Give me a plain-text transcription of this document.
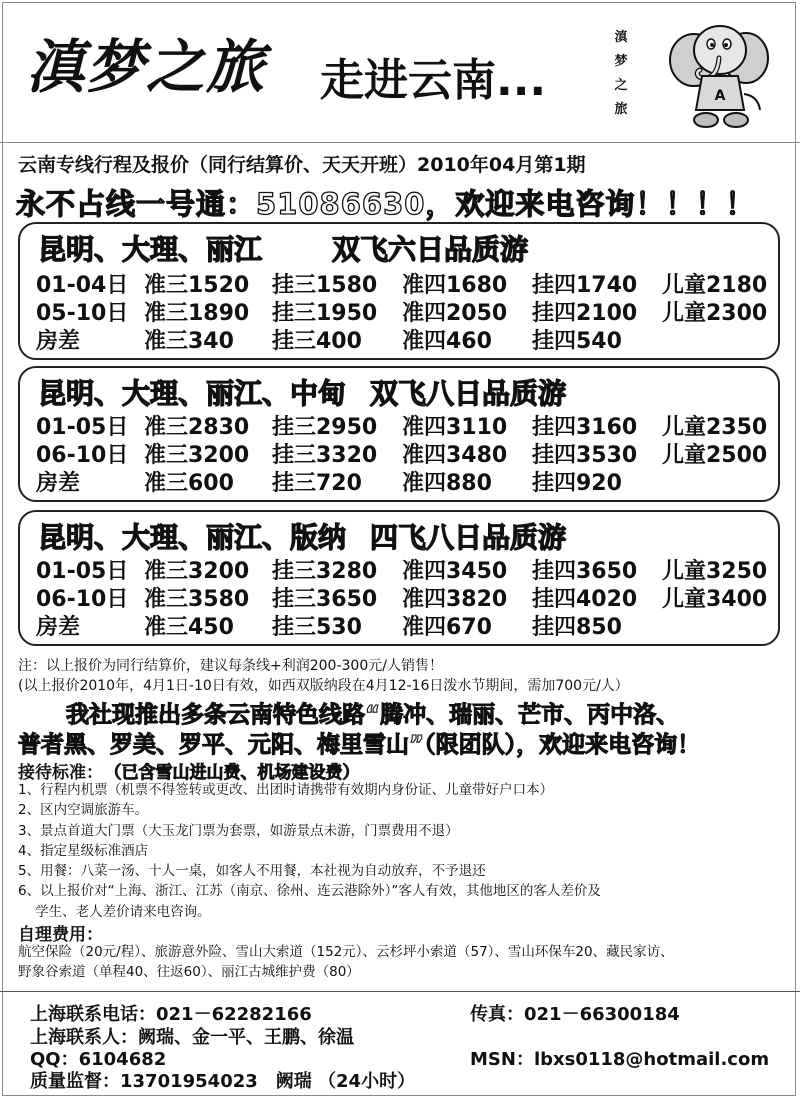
滇梦之旅 走进云南...
滇
梦
之
旅
A
云南专线行程及报价（同行结算价、天天开班）2010年04月第1期
永不占线一号通：51086630，欢迎来电咨询！！！！
昆明、大理、丽江	双飞六日品质游
01-04日 准三1520 挂三1580 准四1680 挂四1740 儿童2180
05-10日 准三1890 挂三1950 准四2050 挂四2100 儿童2300
房差	准三340 挂三400 准四460 挂四540
昆明、大理、丽江、中甸 双飞八日品质游
01-05日 准三2830 挂三2950 准四3110 挂四3160 儿童2350
06-10日 准三3200 挂三3320 准四3480 挂四3530 儿童2500
房差	准三600 挂三720 准四880 挂四920
昆明、大理、丽江、版纳 四飞八日品质游
01-05日 准三3200 挂三3280 准四3450 挂四3650 儿童3250
06-10日 准三3580 挂三3650 准四3820 挂四4020 儿童3400
房差	准三450 挂三530 准四670 挂四850
注：以上报价为同行结算价，建议每条线+利润200-300元/人销售！
(以上报价2010年，4月1日-10日有效，如西双版纳段在4月12-16日泼水节期间，需加700元/人）
我社现推出多条云南特色线路“腾冲、瑞丽、芒市、丙中洛、
普者黑、罗美、罗平、元阳、梅里雪山”（限团队），欢迎来电咨询！
接待标准： （已含雪山进山费、机场建设费）
1、行程内机票（机票不得签转或更改、出团时请携带有效期内身份证、儿童带好户口本）
2、区内空调旅游车。
3、景点首道大门票（大玉龙门票为套票，如游景点未游，门票费用不退）
4、指定星级标准酒店
5、用餐：八菜一汤、十人一桌，如客人不用餐，本社视为自动放弃，不予退还
6、以上报价对“上海、浙江、江苏（南京、徐州、连云港除外）”客人有效，其他地区的客人差价及
学生、老人差价请来电咨询。
自理费用：
航空保险（20元/程）、旅游意外险、雪山大索道（152元）、云杉坪小索道（57）、雪山环保车20、藏民家访、
野象谷索道（单程40、往返60）、丽江古城维护费（80）
上海联系电话：021－62282166	传真：021－66300184
上海联系人：阙瑞、金一平、王鹏、徐温
QQ：6104682	MSN：lbxs0118@hotmail.com
质量监督：13701954023　阙瑞 （24小时）
